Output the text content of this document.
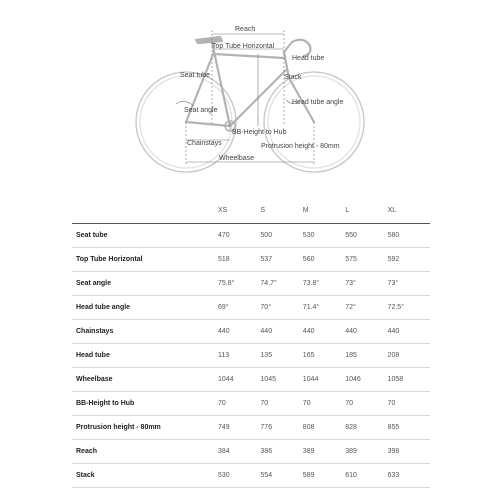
Reach
Top Tube Horizontal
Head tube
Stack
Seat tube
Head tube angle
Seat angle
BB-Height to Hub
Chainstays	Protrusion height - 80mm
Wheelbase
	XS	S	M	L	XL
Seat tube	470	500	530	550	580
Top Tube Horizontal	518	537	560	575	592
Seat angle	75.8°	74.7°	73.8°	73°	73°
Head tube angle	69°	70°	71.4°	72°	72.5°
Chainstays	440	440	440	440	440
Head tube	113	135	165	185	208
Wheelbase	1044	1045	1044	1046	1058
BB-Height to Hub	70	70	70	70	70
Protrusion height - 80mm	749	776	808	828	855
Reach	384	386	389	389	398
Stack	530	554	589	610	633
